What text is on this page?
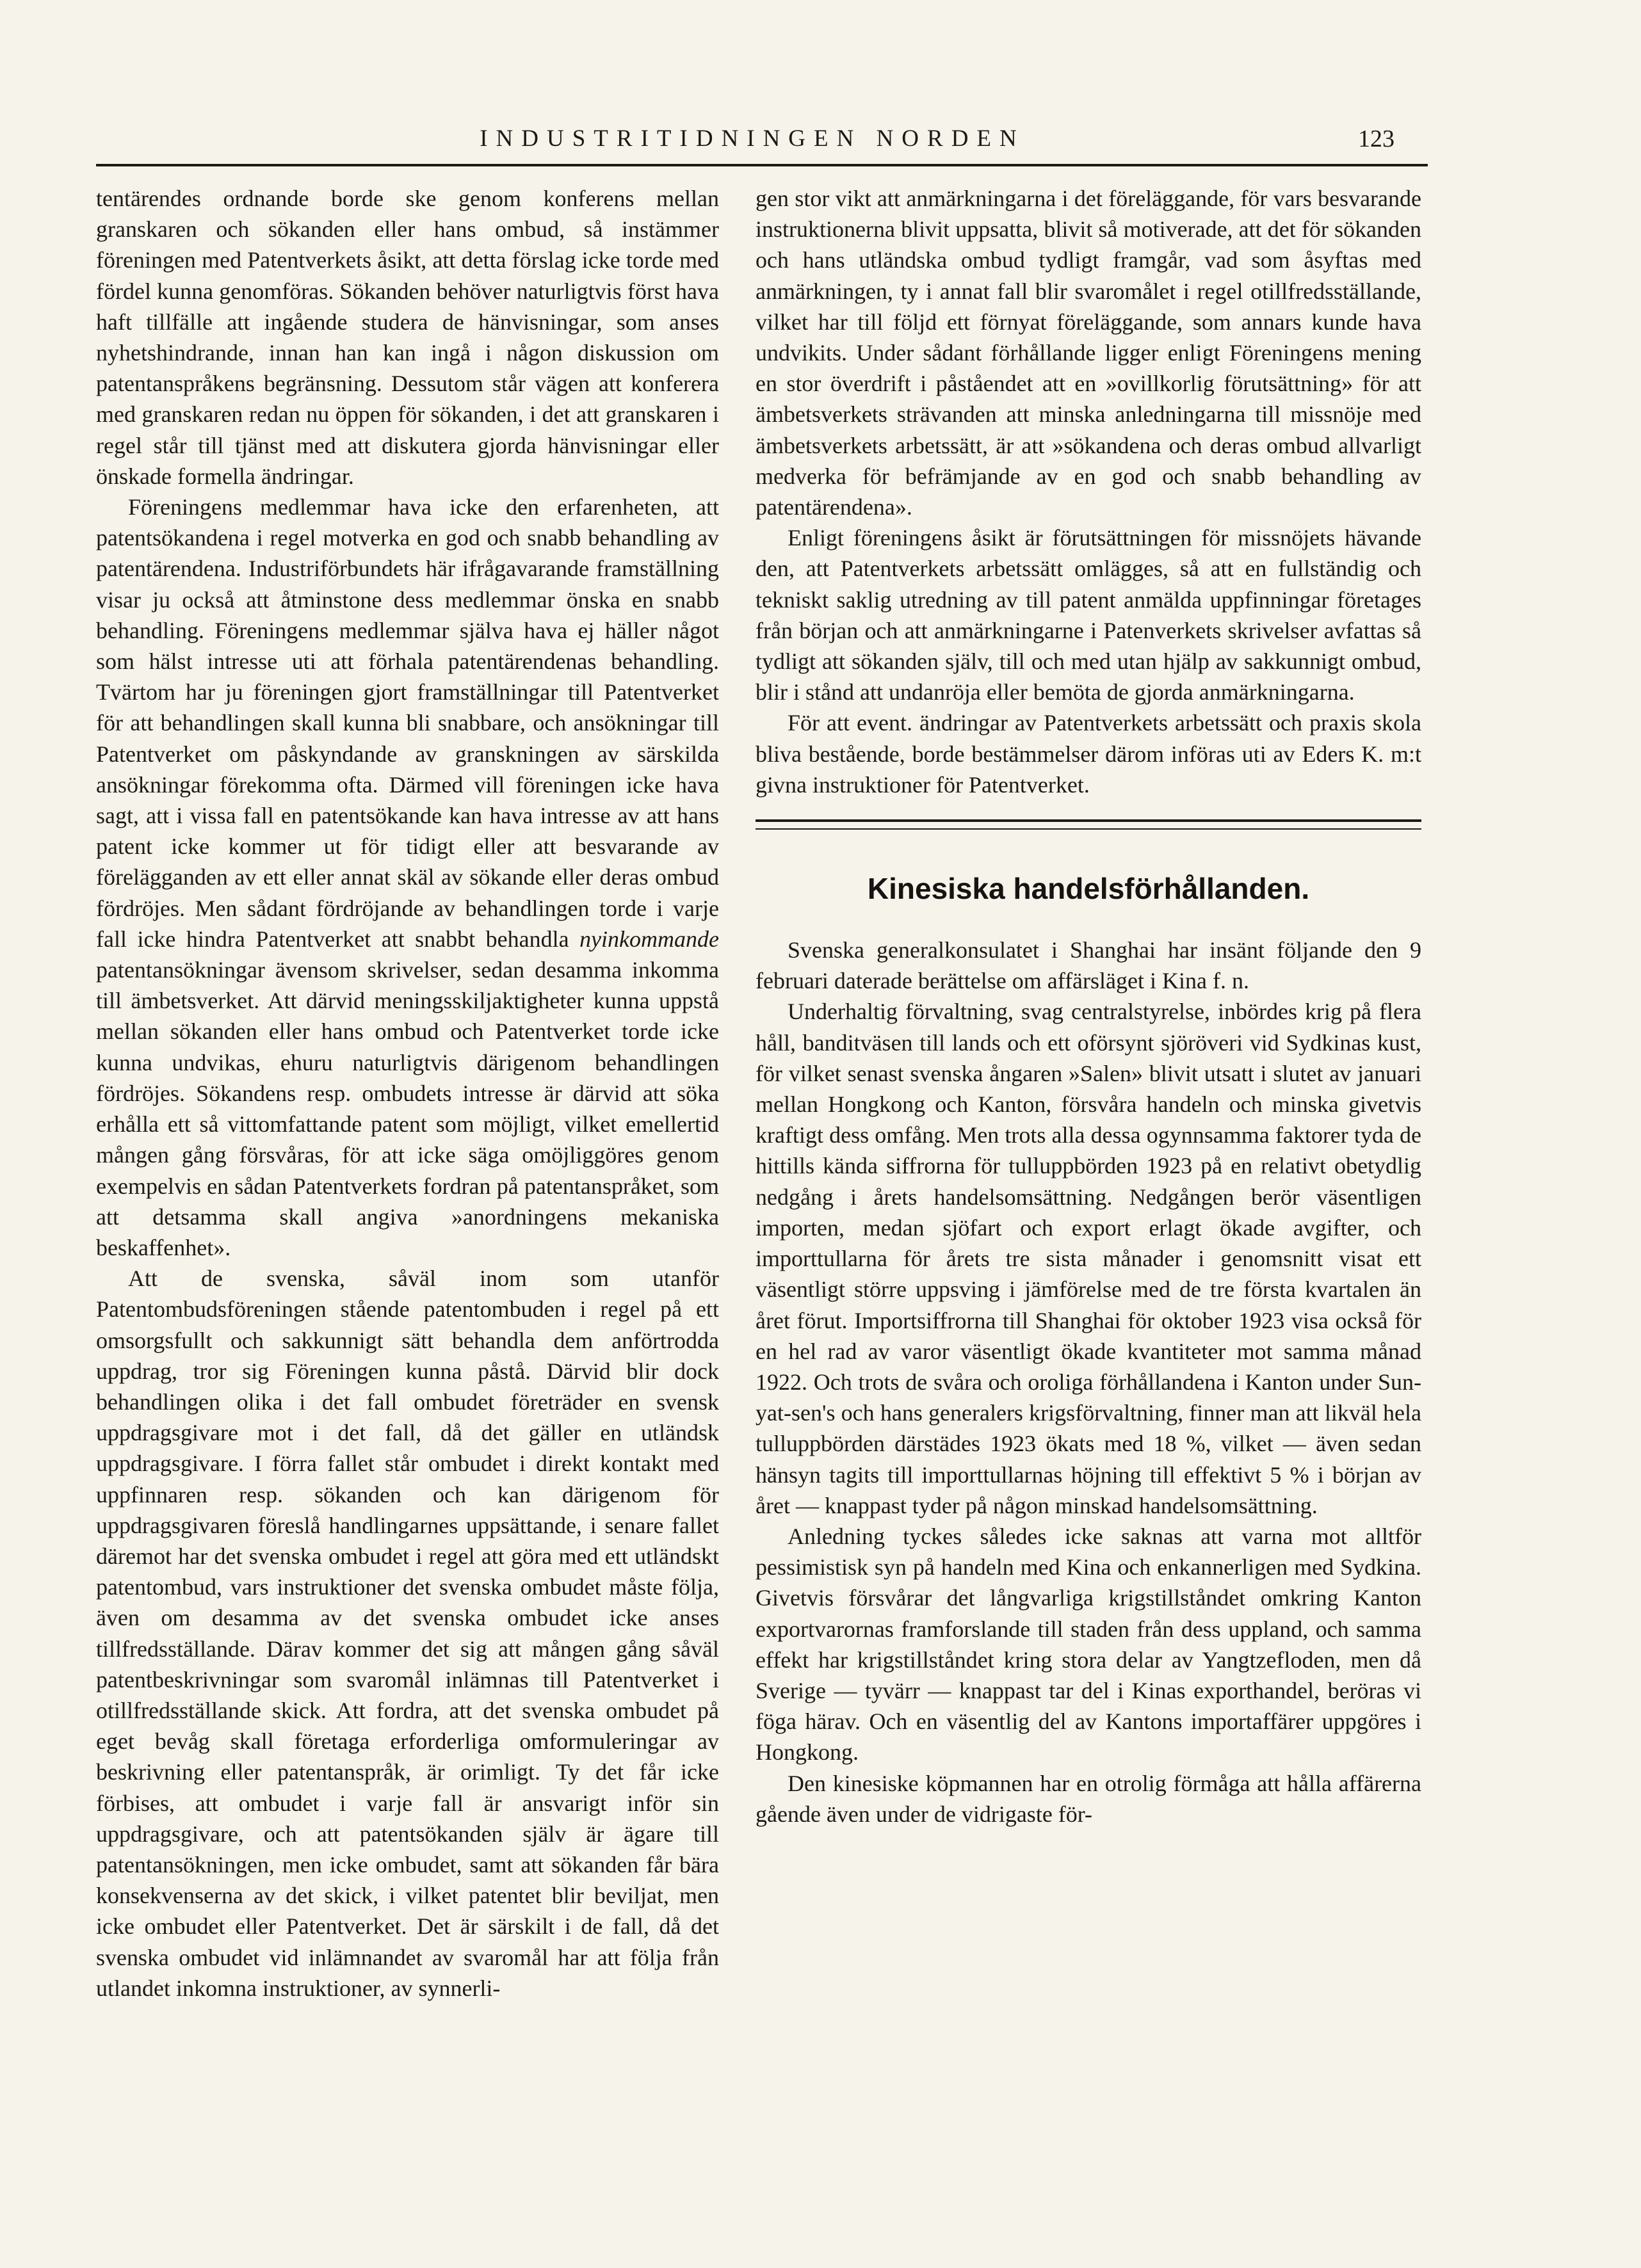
INDUSTRITIDNINGEN NORDEN	123

tentärendes ordnande borde ske genom konferens mellan granskaren och sökanden eller hans ombud, så instämmer föreningen med Patentverkets åsikt, att detta förslag icke torde med fördel kunna genomföras. Sökanden behöver naturligtvis först hava haft tillfälle att ingående studera de hänvisningar, som anses nyhetshindrande, innan han kan ingå i någon diskussion om patentanspråkens begränsning. Dessutom står vägen att konferera med granskaren redan nu öppen för sökanden, i det att granskaren i regel står till tjänst med att diskutera gjorda hänvisningar eller önskade formella ändringar.

Föreningens medlemmar hava icke den erfarenheten, att patentsökandena i regel motverka en god och snabb behandling av patentärendena. Industriförbundets här ifrågavarande framställning visar ju också att åtminstone dess medlemmar önska en snabb behandling. Föreningens medlemmar själva hava ej häller något som hälst intresse uti att förhala patentärendenas behandling. Tvärtom har ju föreningen gjort framställningar till Patentverket för att behandlingen skall kunna bli snabbare, och ansökningar till Patentverket om påskyndande av granskningen av särskilda ansökningar förekomma ofta. Därmed vill föreningen icke hava sagt, att i vissa fall en patentsökande kan hava intresse av att hans patent icke kommer ut för tidigt eller att besvarande av förelägganden av ett eller annat skäl av sökande eller deras ombud fördröjes. Men sådant fördröjande av behandlingen torde i varje fall icke hindra Patentverket att snabbt behandla nyinkommande patentansökningar ävensom skrivelser, sedan desamma inkomma till ämbetsverket. Att därvid meningsskiljaktigheter kunna uppstå mellan sökanden eller hans ombud och Patentverket torde icke kunna undvikas, ehuru naturligtvis därigenom behandlingen fördröjes. Sökandens resp. ombudets intresse är därvid att söka erhålla ett så vittomfattande patent som möjligt, vilket emellertid mången gång försvåras, för att icke säga omöjliggöres genom exempelvis en sådan Patentverkets fordran på patentanspråket, som att detsamma skall angiva »anordningens mekaniska beskaffenhet».

Att de svenska, såväl inom som utanför Patentombudsföreningen stående patentombuden i regel på ett omsorgsfullt och sakkunnigt sätt behandla dem anförtrodda uppdrag, tror sig Föreningen kunna påstå. Därvid blir dock behandlingen olika i det fall ombudet företräder en svensk uppdragsgivare mot i det fall, då det gäller en utländsk uppdragsgivare. I förra fallet står ombudet i direkt kontakt med uppfinnaren resp. sökanden och kan därigenom för uppdragsgivaren föreslå handlingarnes uppsättande, i senare fallet däremot har det svenska ombudet i regel att göra med ett utländskt patentombud, vars instruktioner det svenska ombudet måste följa, även om desamma av det svenska ombudet icke anses tillfredsställande. Därav kommer det sig att mången gång såväl patentbeskrivningar som svaromål inlämnas till Patentverket i otillfredsställande skick. Att fordra, att det svenska ombudet på eget bevåg skall företaga erforderliga omformuleringar av beskrivning eller patentanspråk, är orimligt. Ty det får icke förbises, att ombudet i varje fall är ansvarigt inför sin uppdragsgivare, och att patentsökanden själv är ägare till patentansökningen, men icke ombudet, samt att sökanden får bära konsekvenserna av det skick, i vilket patentet blir beviljat, men icke ombudet eller Patentverket. Det är särskilt i de fall, då det svenska ombudet vid inlämnandet av svaromål har att följa från utlandet inkomna instruktioner, av synnerli-

gen stor vikt att anmärkningarna i det föreläggande, för vars besvarande instruktionerna blivit uppsatta, blivit så motiverade, att det för sökanden och hans utländska ombud tydligt framgår, vad som åsyftas med anmärkningen, ty i annat fall blir svaromålet i regel otillfredsställande, vilket har till följd ett förnyat föreläggande, som annars kunde hava undvikits. Under sådant förhållande ligger enligt Föreningens mening en stor överdrift i påståendet att en »ovillkorlig förutsättning» för att ämbetsverkets strävanden att minska anledningarna till missnöje med ämbetsverkets arbetssätt, är att »sökandena och deras ombud allvarligt medverka för befrämjande av en god och snabb behandling av patentärendena».

Enligt föreningens åsikt är förutsättningen för missnöjets hävande den, att Patentverkets arbetssätt omlägges, så att en fullständig och tekniskt saklig utredning av till patent anmälda uppfinningar företages från början och att anmärkningarne i Patenverkets skrivelser avfattas så tydligt att sökanden själv, till och med utan hjälp av sakkunnigt ombud, blir i stånd att undanröja eller bemöta de gjorda anmärkningarna.

För att event. ändringar av Patentverkets arbetssätt och praxis skola bliva bestående, borde bestämmelser därom införas uti av Eders K. m:t givna instruktioner för Patentverket.

Kinesiska handelsförhållanden.

Svenska generalkonsulatet i Shanghai har insänt följande den 9 februari daterade berättelse om affärsläget i Kina f. n.

Underhaltig förvaltning, svag centralstyrelse, inbördes krig på flera håll, banditväsen till lands och ett oförsynt sjöröveri vid Sydkinas kust, för vilket senast svenska ångaren »Salen» blivit utsatt i slutet av januari mellan Hongkong och Kanton, försvåra handeln och minska givetvis kraftigt dess omfång. Men trots alla dessa ogynnsamma faktorer tyda de hittills kända siffrorna för tulluppbörden 1923 på en relativt obetydlig nedgång i årets handelsomsättning. Nedgången berör väsentligen importen, medan sjöfart och export erlagt ökade avgifter, och importtullarna för årets tre sista månader i genomsnitt visat ett väsentligt större uppsving i jämförelse med de tre första kvartalen än året förut. Importsiffrorna till Shanghai för oktober 1923 visa också för en hel rad av varor väsentligt ökade kvantiteter mot samma månad 1922. Och trots de svåra och oroliga förhållandena i Kanton under Sun-yat-sen's och hans generalers krigsförvaltning, finner man att likväl hela tulluppbörden därstädes 1923 ökats med 18 %, vilket — även sedan hänsyn tagits till importtullarnas höjning till effektivt 5 % i början av året — knappast tyder på någon minskad handelsomsättning.

Anledning tyckes således icke saknas att varna mot alltför pessimistisk syn på handeln med Kina och enkannerligen med Sydkina. Givetvis försvårar det långvarliga krigstillståndet omkring Kanton exportvarornas framforslande till staden från dess uppland, och samma effekt har krigstillståndet kring stora delar av Yangtzefloden, men då Sverige — tyvärr — knappast tar del i Kinas exporthandel, beröras vi föga härav. Och en väsentlig del av Kantons importaffärer uppgöres i Hongkong.

Den kinesiske köpmannen har en otrolig förmåga att hålla affärerna gående även under de vidrigaste för-
